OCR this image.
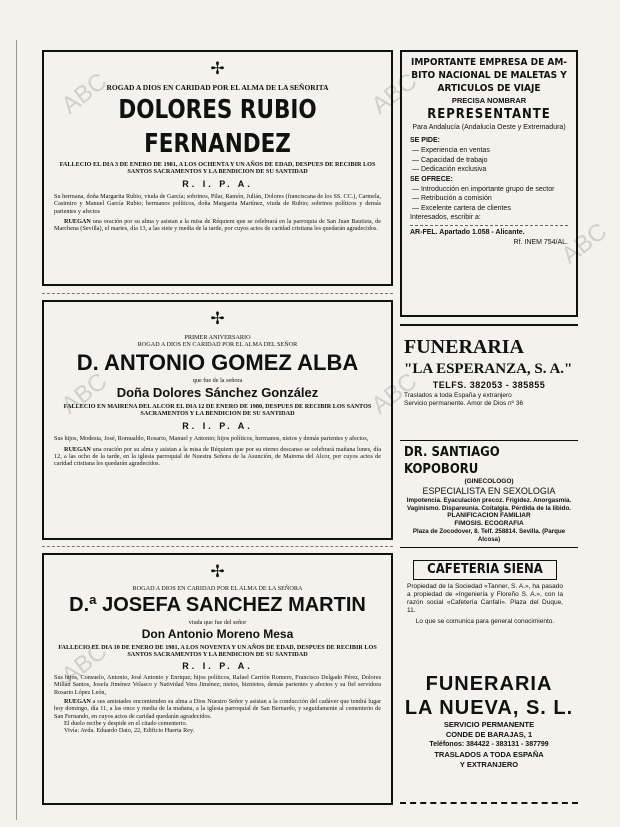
ABC	ABC
ABC	ABC
ABC
ABC
✢

ROGAD A DIOS EN CARIDAD POR EL ALMA DE LA SEÑORITA

DOLORES RUBIO FERNANDEZ

FALLECIO EL DIA 3 DE ENERO DE 1981, A LOS OCHENTA Y UN AÑOS DE EDAD, DESPUES DE RECIBIR LOS SANTOS SACRAMENTOS Y LA BENDICION DE SU SANTIDAD

R. I. P. A.

Su hermana, doña Margarita Rubio, viuda de García; sobrinos, Pilar, Ramón, Julián, Dolores (franciscana de los SS. CC.), Carmela, Casimiro y Manuel García Rubio; hermanos políticos, doña Margarita Martínez, viuda de Rubio; sobrinos políticos y demás parientes y afectos

RUEGAN una oración por su alma y asistan a la misa de Réquiem que se celebrará en la parroquia de San Juan Bautista, de Marchena (Sevilla), el martes, día 13, a las siete y media de la tarde, por cuyos actos de caridad cristiana les quedarán agradecidos.

✢

PRIMER ANIVERSARIO

ROGAD A DIOS EN CARIDAD POR EL ALMA DEL SEÑOR

D. ANTONIO GOMEZ ALBA

que fue de la señora

Doña Dolores Sánchez González

FALLECIO EN MAIRENA DEL ALCOR EL DIA 12 DE ENERO DE 1980, DESPUES DE RECIBIR LOS SANTOS SACRAMENTOS Y LA BENDICION DE SU SANTIDAD

R. I. P. A.

Sus hijos, Modesta, José, Romualdo, Rosario, Manuel y Antonio; hijos políticos, hermanos, nietos y demás parientes y afectos,

RUEGAN una oración por su alma y asistan a la misa de Réquiem que por su eterno descanso se celebrará mañana lunes, día 12, a las ocho de la tarde, en la iglesia parroquial de Nuestra Señora de la Asunción, de Mairena del Alcor, por cuyos actos de caridad cristiana les quedarán agradecidos.

✢

ROGAD A DIOS EN CARIDAD POR EL ALMA DE LA SEÑORA

D.ª JOSEFA SANCHEZ MARTIN

viuda que fue del señor

Don Antonio Moreno Mesa

FALLECIO EL DIA 10 DE ENERO DE 1981, A LOS NOVENTA Y UN AÑOS DE EDAD, DESPUES DE RECIBIR LOS SANTOS SACRAMENTOS Y LA BENDICION DE SU SANTIDAD

R. I. P. A.

Sus hijos, Consuelo, Antonio, José Antonio y Enrique; hijos políticos, Rafael Carrión Romero, Francisco Delgado Pérez, Dolores Millán Santos, Josefa Jiménez Velasco y Natividad Vera Jiménez; nietos, biznietos, demás parientes y afectos y su fiel servidora Rosario López León,

RUEGAN a sus amistades encomienden su alma a Dios Nuestro Señor y asistan a la conducción del cadáver que tendrá lugar hoy domingo, día 11, a las once y media de la mañana, a la iglesia parroquial de San Bernardo, y seguidamente al cementerio de San Fernando, en cuyos actos de caridad quedarán agradecidos.

El duelo recibe y despide en el citado cementerio.

Vivía: Avda. Eduardo Dato, 22, Edificio Huerta Rey.

IMPORTANTE EMPRESA DE AM-

BITO NACIONAL DE MALETAS Y

ARTICULOS DE VIAJE

PRECISA NOMBRAR

REPRESENTANTE

Para Andalucía (Andalucía Oeste y Extremadura)

SE PIDE:

— Experiencia en ventas

— Capacidad de trabajo

— Dedicación exclusiva

SE OFRECE:

— Introducción en importante grupo de sector

— Retribución a comisión

— Excelente cartera de clientes

Interesados, escribir a:

AR-FEL. Apartado 1.058 - Alicante.

Rf. INEM 754/AL.

FUNERARIA

"LA ESPERANZA, S. A."

TELFS. 382053 - 385855

Traslados a toda España y extranjero

Servicio permanente. Amor de Dios nº 36

DR. SANTIAGO KOPOBORU

(GINECOLOGO)

ESPECIALISTA EN SEXOLOGIA

Impotencia. Eyaculación precoz. Frigidez. Anorgasmia. Vaginismo. Dispareunia. Coitalgia. Pérdida de la libido.

PLANIFICACION FAMILIAR

FIMOSIS. ECOGRAFIA

Plaza de Zocodover, 8. Telf. 258814. Sevilla. (Parque Alcosa)

CAFETERIA SIENA

Propiedad de la Sociedad «Tanner, S. A.», ha pasado a propiedad de «Ingeniería y Floreño S. A.», con la razón social «Cafetería Canfalí». Plaza del Duque, 11.

Lo que se comunica para general conocimiento.

FUNERARIA

LA NUEVA, S. L.

SERVICIO PERMANENTE

CONDE DE BARAJAS, 1

Teléfonos: 384422 - 383131 - 387799

TRASLADOS A TODA ESPAÑA

Y EXTRANJERO
